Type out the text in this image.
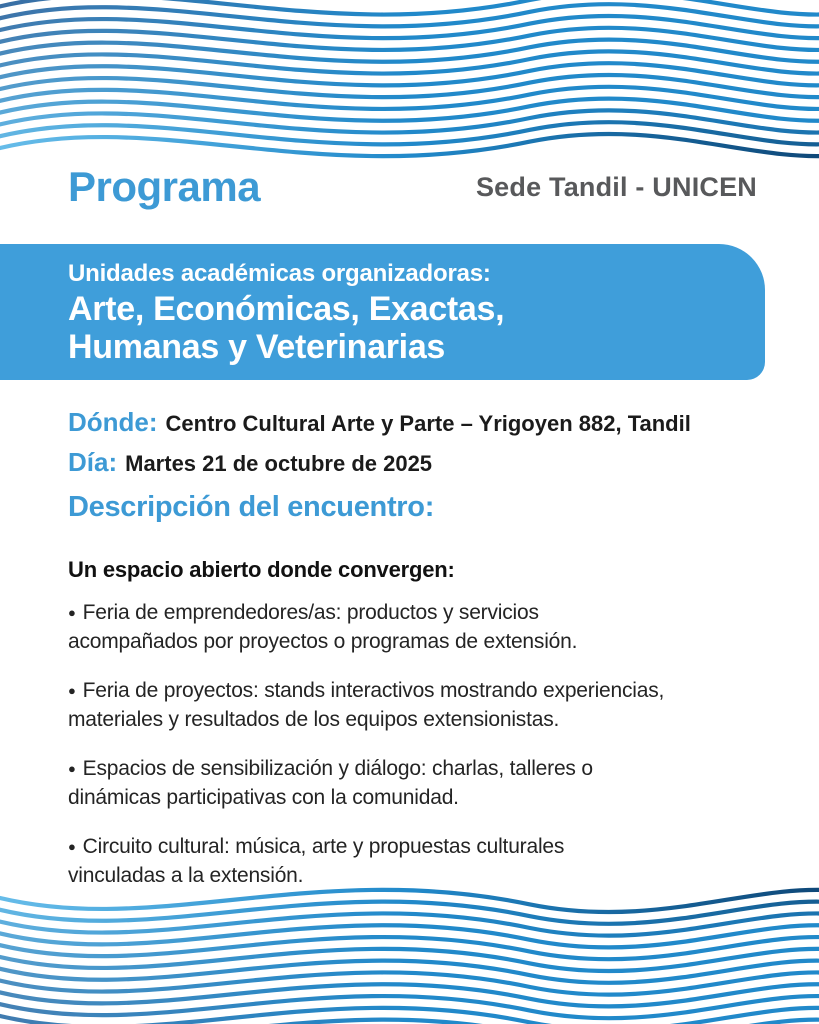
Programa	Sede Tandil - UNICEN

Unidades académicas organizadoras:

Arte, Económicas, Exactas,

Humanas y Veterinarias

Dónde: Centro Cultural Arte y Parte – Yrigoyen 882, Tandil
Día: Martes 21 de octubre de 2025
Descripción del encuentro:

Un espacio abierto donde convergen:

● Feria de emprendedores/as: productos y servicios
acompañados por proyectos o programas de extensión.

● Feria de proyectos: stands interactivos mostrando experiencias,
materiales y resultados de los equipos extensionistas.

● Espacios de sensibilización y diálogo: charlas, talleres o
dinámicas participativas con la comunidad.

● Circuito cultural: música, arte y propuestas culturales
vinculadas a la extensión.
